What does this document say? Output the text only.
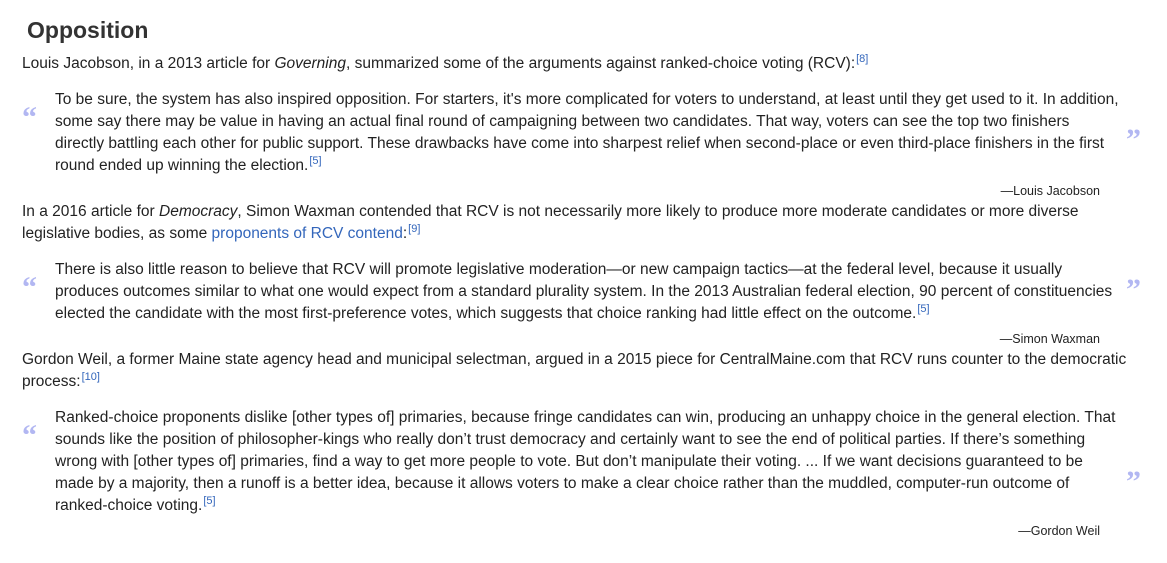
Opposition

Louis Jacobson, in a 2013 article for Governing, summarized some of the arguments against ranked-choice voting (RCV):[8]

“

To be sure, the system has also inspired opposition. For starters, it's more complicated for voters to understand, at least until they get used to it. In addition, some say there may be value in having an actual final round of campaigning between two candidates. That way, voters can see the top two finishers directly battling each other for public support. These drawbacks have come into sharpest relief when second-place or even third-place finishers in the first round ended up winning the election.[5]

”

—Louis Jacobson

In a 2016 article for Democracy, Simon Waxman contended that RCV is not necessarily more likely to produce more moderate candidates or more diverse legislative bodies, as some proponents of RCV contend:[9]

“

There is also little reason to believe that RCV will promote legislative moderation—or new campaign tactics—at the federal level, because it usually produces outcomes similar to what one would expect from a standard plurality system. In the 2013 Australian federal election, 90 percent of constituencies elected the candidate with the most first-preference votes, which suggests that choice ranking had little effect on the outcome.[5]

”

—Simon Waxman

Gordon Weil, a former Maine state agency head and municipal selectman, argued in a 2015 piece for CentralMaine.com that RCV runs counter to the democratic process:[10]

“

Ranked-choice proponents dislike [other types of] primaries, because fringe candidates can win, producing an unhappy choice in the general election. That sounds like the position of philosopher-kings who really don’t trust democracy and certainly want to see the end of political parties. If there’s something wrong with [other types of] primaries, find a way to get more people to vote. But don’t manipulate their voting. ... If we want decisions guaranteed to be made by a majority, then a runoff is a better idea, because it allows voters to make a clear choice rather than the muddled, computer-run outcome of ranked-choice voting.[5]

”

—Gordon Weil
